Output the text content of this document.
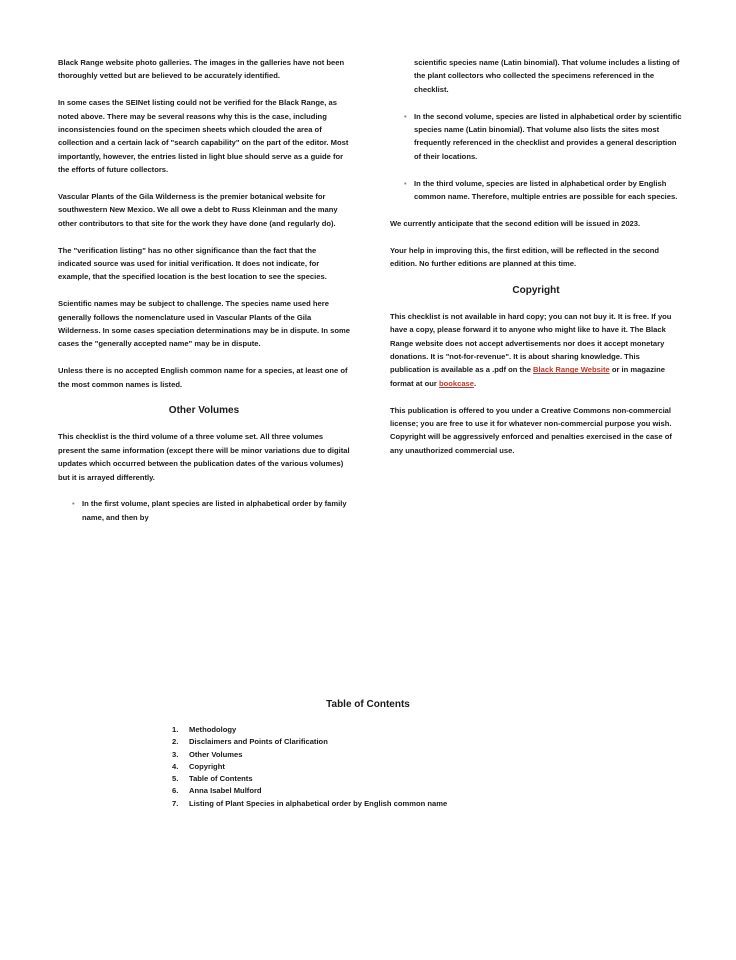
Black Range website photo galleries. The images in the galleries have not been thoroughly vetted but are believed to be accurately identified.

In some cases the SEINet listing could not be verified for the Black Range, as noted above. There may be several reasons why this is the case, including inconsistencies found on the specimen sheets which clouded the area of collection and a certain lack of "search capability" on the part of the editor. Most importantly, however, the entries listed in light blue should serve as a guide for the efforts of future collectors.

Vascular Plants of the Gila Wilderness is the premier botanical website for southwestern New Mexico. We all owe a debt to Russ Kleinman and the many other contributors to that site for the work they have done (and regularly do).

The "verification listing" has no other significance than the fact that the indicated source was used for initial verification. It does not indicate, for example, that the specified location is the best location to see the species.

Scientific names may be subject to challenge. The species name used here generally follows the nomenclature used in Vascular Plants of the Gila Wilderness. In some cases speciation determinations may be in dispute. In some cases the "generally accepted name" may be in dispute.

Unless there is no accepted English common name for a species, at least one of the most common names is listed.

Other Volumes

This checklist is the third volume of a three volume set. All three volumes present the same information (except there will be minor variations due to digital updates which occurred between the publication dates of the various volumes) but it is arrayed differently.

• In the first volume, plant species are listed in alphabetical order by family name, and then by
scientific species name (Latin binomial). That volume includes a listing of the plant collectors who collected the specimens referenced in the checklist.
• In the second volume, species are listed in alphabetical order by scientific species name (Latin binomial). That volume also lists the sites most frequently referenced in the checklist and provides a general description of their locations.
• In the third volume, species are listed in alphabetical order by English common name. Therefore, multiple entries are possible for each species.

We currently anticipate that the second edition will be issued in 2023.

Your help in improving this, the first edition, will be reflected in the second edition. No further editions are planned at this time.

Copyright

This checklist is not available in hard copy; you can not buy it. It is free. If you have a copy, please forward it to anyone who might like to have it. The Black Range website does not accept advertisements nor does it accept monetary donations. It is "not-for-revenue". It is about sharing knowledge. This publication is available as a .pdf on the Black Range Website or in magazine format at our bookcase.

This publication is offered to you under a Creative Commons non-commercial license; you are free to use it for whatever non-commercial purpose you wish. Copyright will be aggressively enforced and penalties exercised in the case of any unauthorized commercial use.

Table of Contents
1.	Methodology
2.	Disclaimers and Points of Clarification
3.	Other Volumes
4.	Copyright
5.	Table of Contents
6.	Anna Isabel Mulford
7.	Listing of Plant Species in alphabetical order by English common name
